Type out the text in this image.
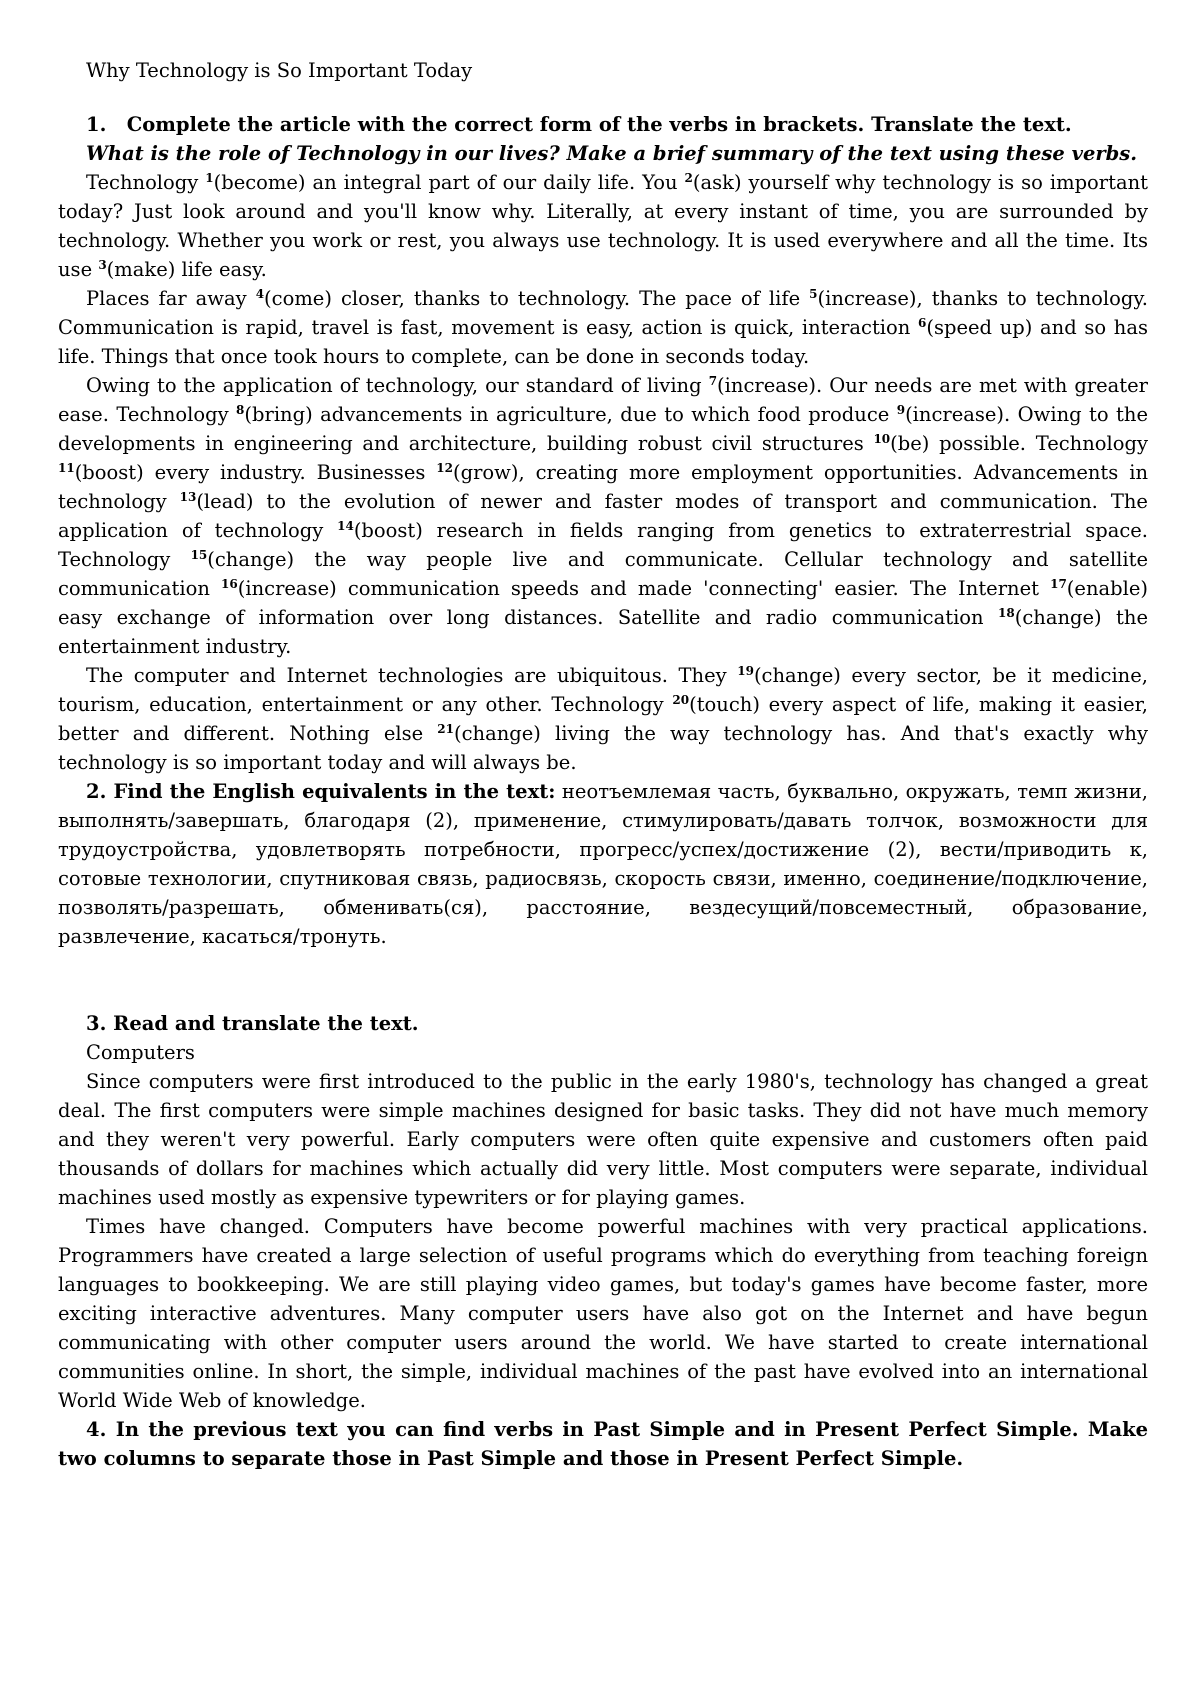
Why Technology is So Important Today

1.   Complete the article with the correct form of the verbs in brackets. Translate the text.

What is the role of Technology in our lives? Make a brief summary of the text using these verbs.

Technology $^1$(become) an integral part of our daily life. You $^2$(ask) yourself why technology is so important today? Just look around and you'll know why. Literally, at every instant of time, you are surrounded by technology. Whether you work or rest, you always use technology. It is used everywhere and all the time. Its use $^3$(make) life easy.

Places far away $^4$(come) closer, thanks to technology. The pace of life $^5$(increase), thanks to technology. Communication is rapid, travel is fast, movement is easy, action is quick, interaction $^6$(speed up) and so has life. Things that once took hours to complete, can be done in seconds today.

Owing to the application of technology, our standard of living $^7$(increase). Our needs are met with greater ease. Technology $^8$(bring) advancements in agriculture, due to which food produce $^9$(increase). Owing to the developments in engineering and architecture, building robust civil structures $^{10}$(be) possible. Technology $^{11}$(boost) every industry. Businesses $^{12}$(grow), creating more employment opportunities. Advancements in technology $^{13}$(lead) to the evolution of newer and faster modes of transport and communication. The application of technology $^{14}$(boost) research in fields ranging from genetics to extraterrestrial space. Technology $^{15}$(change) the way people live and communicate. Cellular technology and satellite communication $^{16}$(increase) communication speeds and made 'connecting' easier. The Internet $^{17}$(enable) easy exchange of information over long distances. Satellite and radio communication $^{18}$(change) the entertainment industry.

The computer and Internet technologies are ubiquitous. They $^{19}$(change) every sector, be it medicine, tourism, education, entertainment or any other. Technology $^{20}$(touch) every aspect of life, making it easier, better and different. Nothing else $^{21}$(change) living the way technology has. And that's exactly why technology is so important today and will always be.

2. Find the English equivalents in the text: неотъемлемая часть, буквально, окружать, темп жизни, выполнять/завершать, благодаря (2), применение, стимулировать/давать толчок, возможности для трудоустройства, удовлетворять потребности, прогресс/успех/достижение (2), вести/приводить к, сотовые технологии, спутниковая связь, радиосвязь, скорость связи, именно, соединение/подключение, позволять/разрешать, обменивать(ся), расстояние, вездесущий/повсеместный, образование, развлечение, касаться/тронуть.

3. Read and translate the text.

Computers

Since computers were first introduced to the public in the early 1980's, technology has changed a great deal. The first computers were simple machines designed for basic tasks. They did not have much memory and they weren't very powerful. Early computers were often quite expensive and customers often paid thousands of dollars for machines which actually did very little. Most computers were separate, individual machines used mostly as expensive typewriters or for playing games.

Times have changed. Computers have become powerful machines with very practical applications. Programmers have created a large selection of useful programs which do everything from teaching foreign languages to bookkeeping. We are still playing video games, but today's games have become faster, more exciting interactive adventures. Many computer users have also got on the Internet and have begun communicating with other computer users around the world. We have started to create international communities online. In short, the simple, individual machines of the past have evolved into an international World Wide Web of knowledge.

4. In the previous text you can find verbs in Past Simple and in Present Perfect Simple. Make two columns to separate those in Past Simple and those in Present Perfect Simple.
